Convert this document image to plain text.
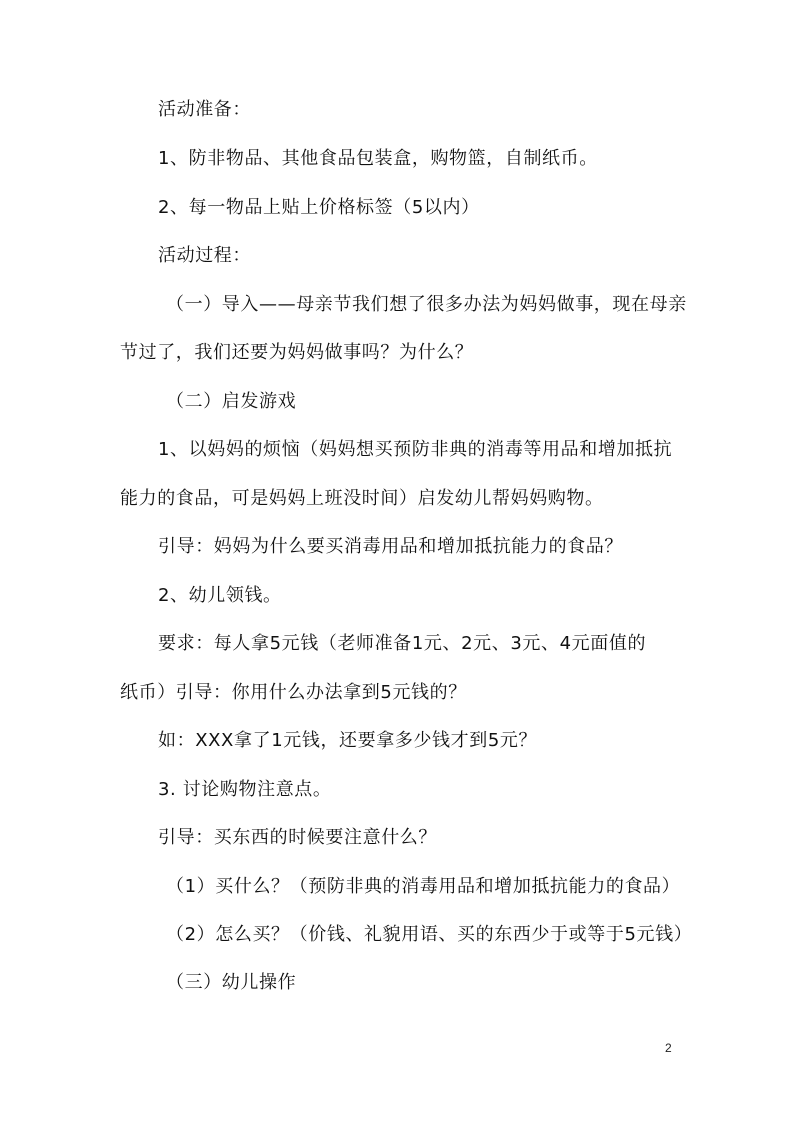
活动准备：
1、防非物品、其他食品包装盒，购物篮，自制纸币。
2、每一物品上贴上价格标签（5以内）
活动过程：
（一）导入——母亲节我们想了很多办法为妈妈做事，现在母亲
节过了，我们还要为妈妈做事吗？为什么？
（二）启发游戏
1、以妈妈的烦恼（妈妈想买预防非典的消毒等用品和增加抵抗
能力的食品，可是妈妈上班没时间）启发幼儿帮妈妈购物。
引导：妈妈为什么要买消毒用品和增加抵抗能力的食品？
2、幼儿领钱。
要求：每人拿5元钱（老师准备1元、2元、3元、4元面值的
纸币）引导：你用什么办法拿到5元钱的？
如：XXX拿了1元钱，还要拿多少钱才到5元？
3. 讨论购物注意点。
引导：买东西的时候要注意什么？
（1）买什么？（预防非典的消毒用品和增加抵抗能力的食品）
（2）怎么买？（价钱、礼貌用语、买的东西少于或等于5元钱）
（三）幼儿操作
2
